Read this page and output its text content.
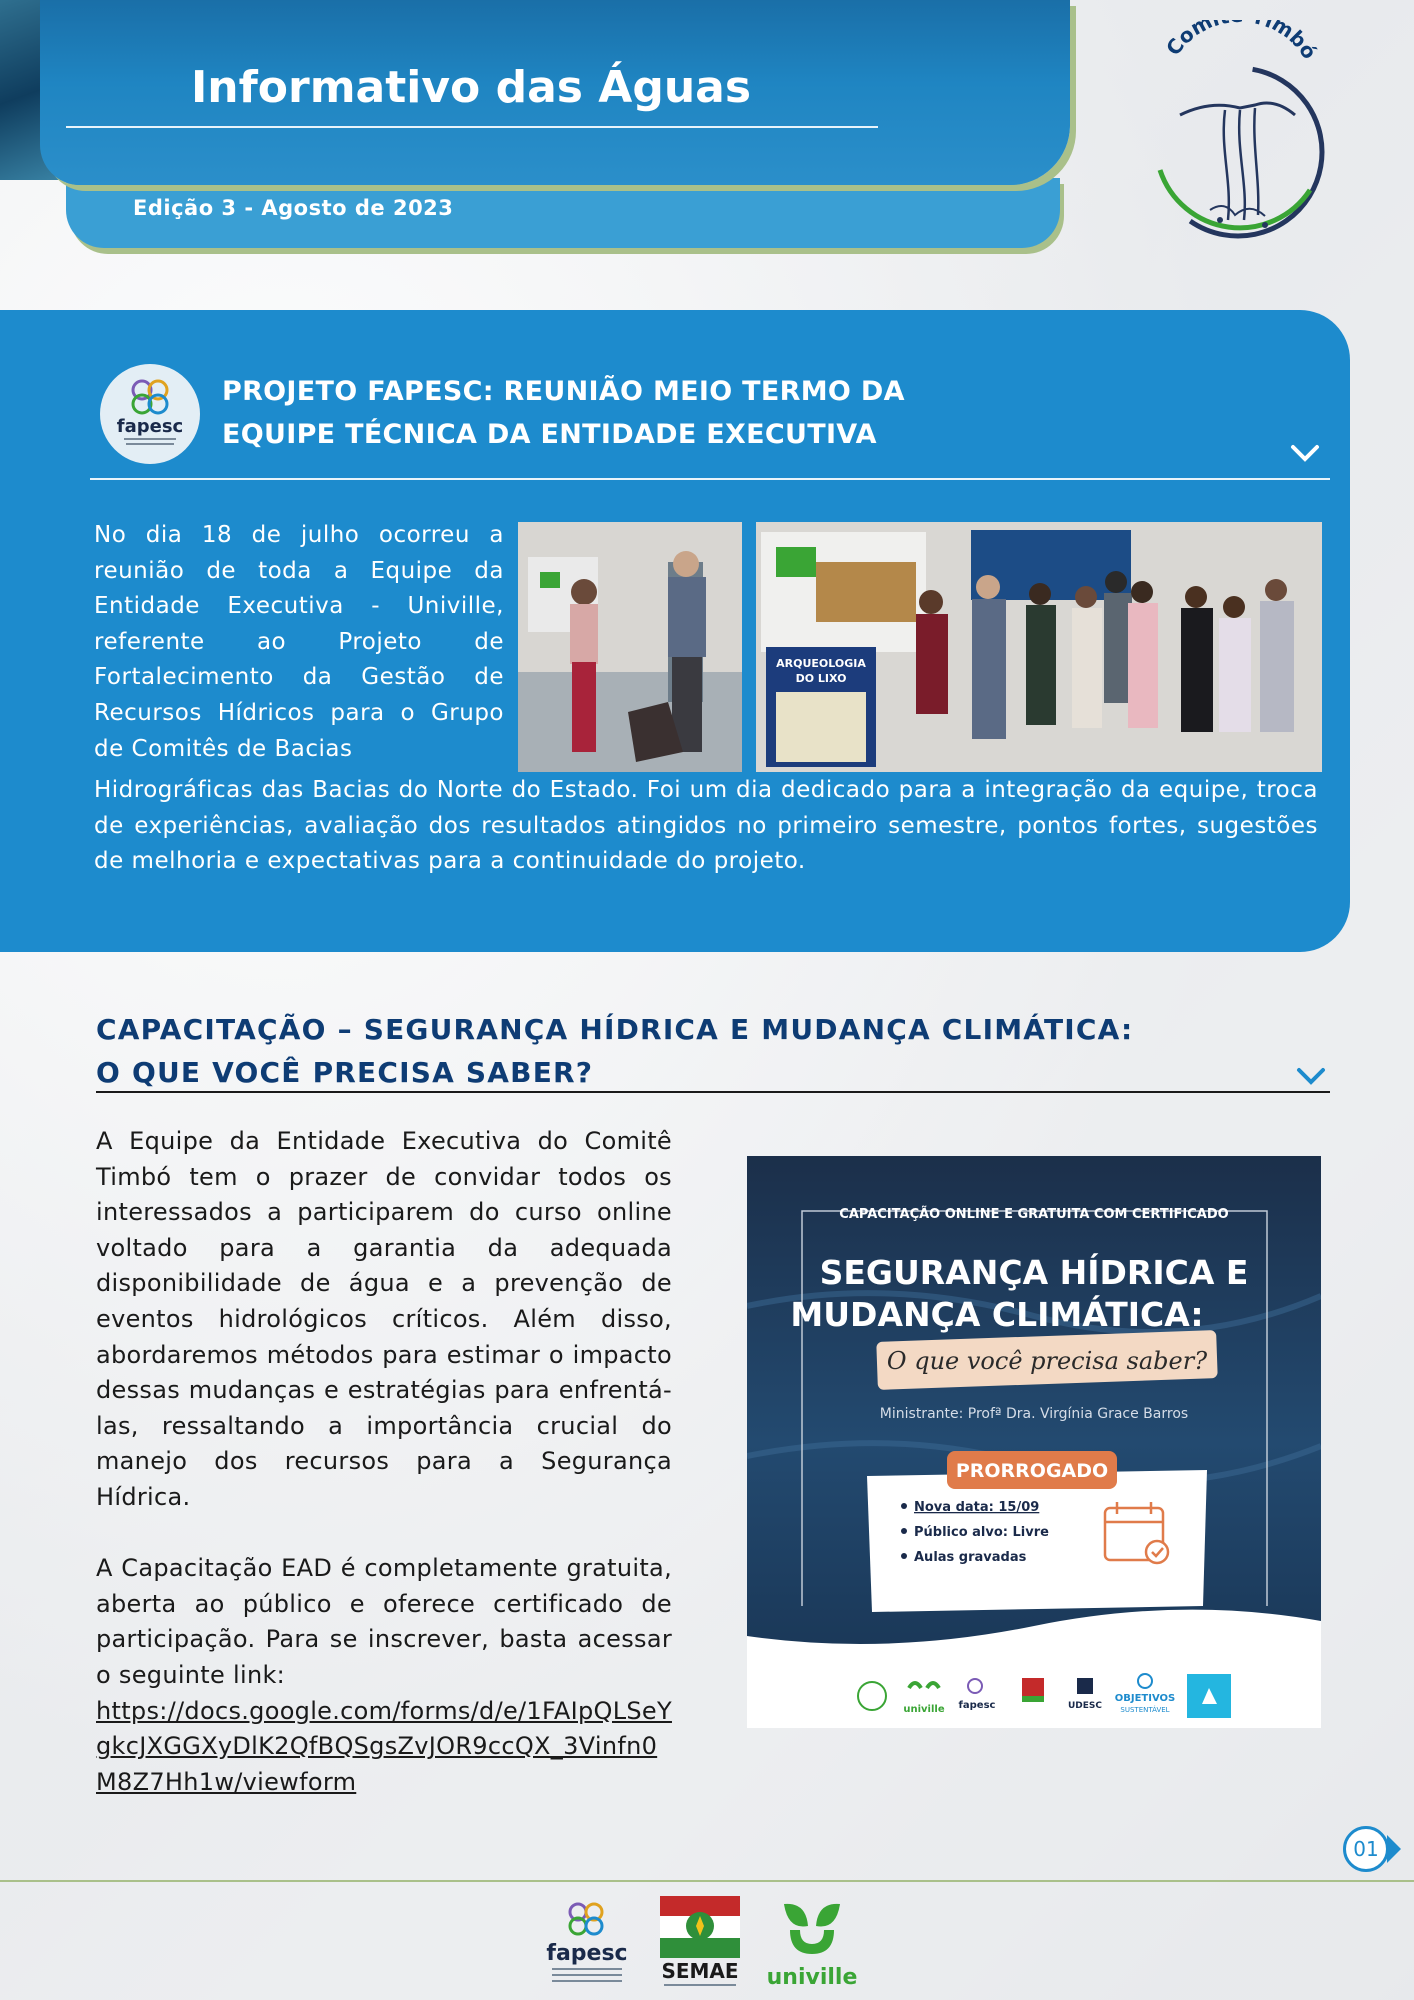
Informativo das Águas
Edição 3 - Agosto de 2023
Com imbó
fapesc
PROJETO FAPESC: REUNIÃO MEIO TERMO DA
EQUIPE TÉCNICA DA ENTIDADE EXECUTIVA
No dia 18 de julho ocorreu a reunião de toda a Equipe da Entidade Executiva - Univille, referente ao Projeto de Fortalecimento da Gestão de Recursos Hídricos para o Grupo de Comitês de Bacias
ARQUEOLOGIA
DO LIXO
Hidrográficas das Bacias do Norte do Estado. Foi um dia dedicado para a integração da equipe, troca de experiências, avaliação dos resultados atingidos no primeiro semestre, pontos fortes, sugestões de melhoria e expectativas para a continuidade do projeto.
CAPACITAÇÃO – SEGURANÇA HÍDRICA E MUDANÇA CLIMÁTICA:
O QUE VOCÊ PRECISA SABER?

A Equipe da Entidade Executiva do Comitê Timbó tem o prazer de convidar todos os interessados a participarem do curso online voltado para a garantia da adequada disponibilidade de água e a prevenção de eventos hidrológicos críticos. Além disso, abordaremos métodos para estimar o impacto dessas mudanças e estratégias para enfrentá-las, ressaltando a importância crucial do manejo dos recursos para a Segurança Hídrica.

A Capacitação EAD é completamente gratuita, aberta ao público e oferece certificado de participação. Para se inscrever, basta acessar o seguinte link:
https://docs.google.com/forms/d/e/1FAIpQLSeYgkcJXGGXyDlK2QfBQSgsZvJOR9ccQX_3Vinfn0M8Z7Hh1w/viewform
CAPACITAÇÃO ONLINE E GRATUITA COM CERTIFICADO
SEGURANÇA HÍDRICA E
MUDANÇA CLIMÁTICA:
O que você precisa saber?
Ministrante: Profª Dra. Virgínia Grace Barros
PRORROGADO
Nova data: 15/09
Público alvo: Livre
Aulas gravadas
univille fapesc	UDESC
OBJETIVOS
SUSTENTÁVEL
01
fapesc
SEMAE univille
